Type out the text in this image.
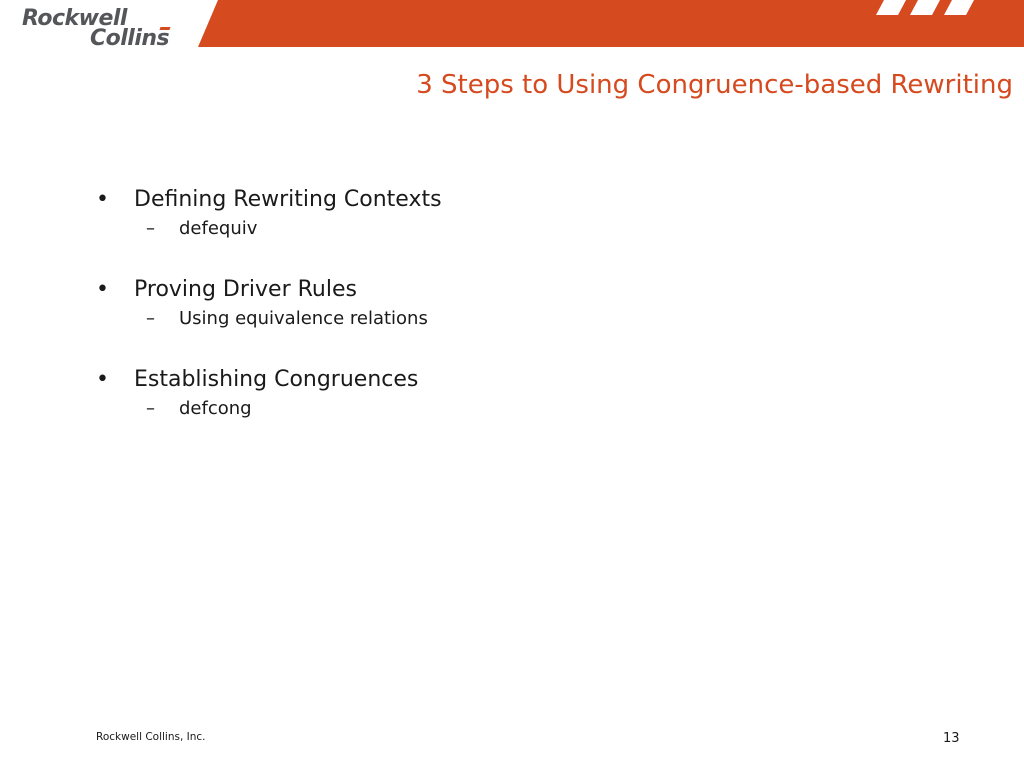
Rockwell
Collins
3 Steps to Using Congruence-based Rewriting
•	Defining Rewriting Contexts
–	defequiv
•	Proving Driver Rules
–	Using equivalence relations
•	Establishing Congruences
–	defcong
Rockwell Collins, Inc.	13
